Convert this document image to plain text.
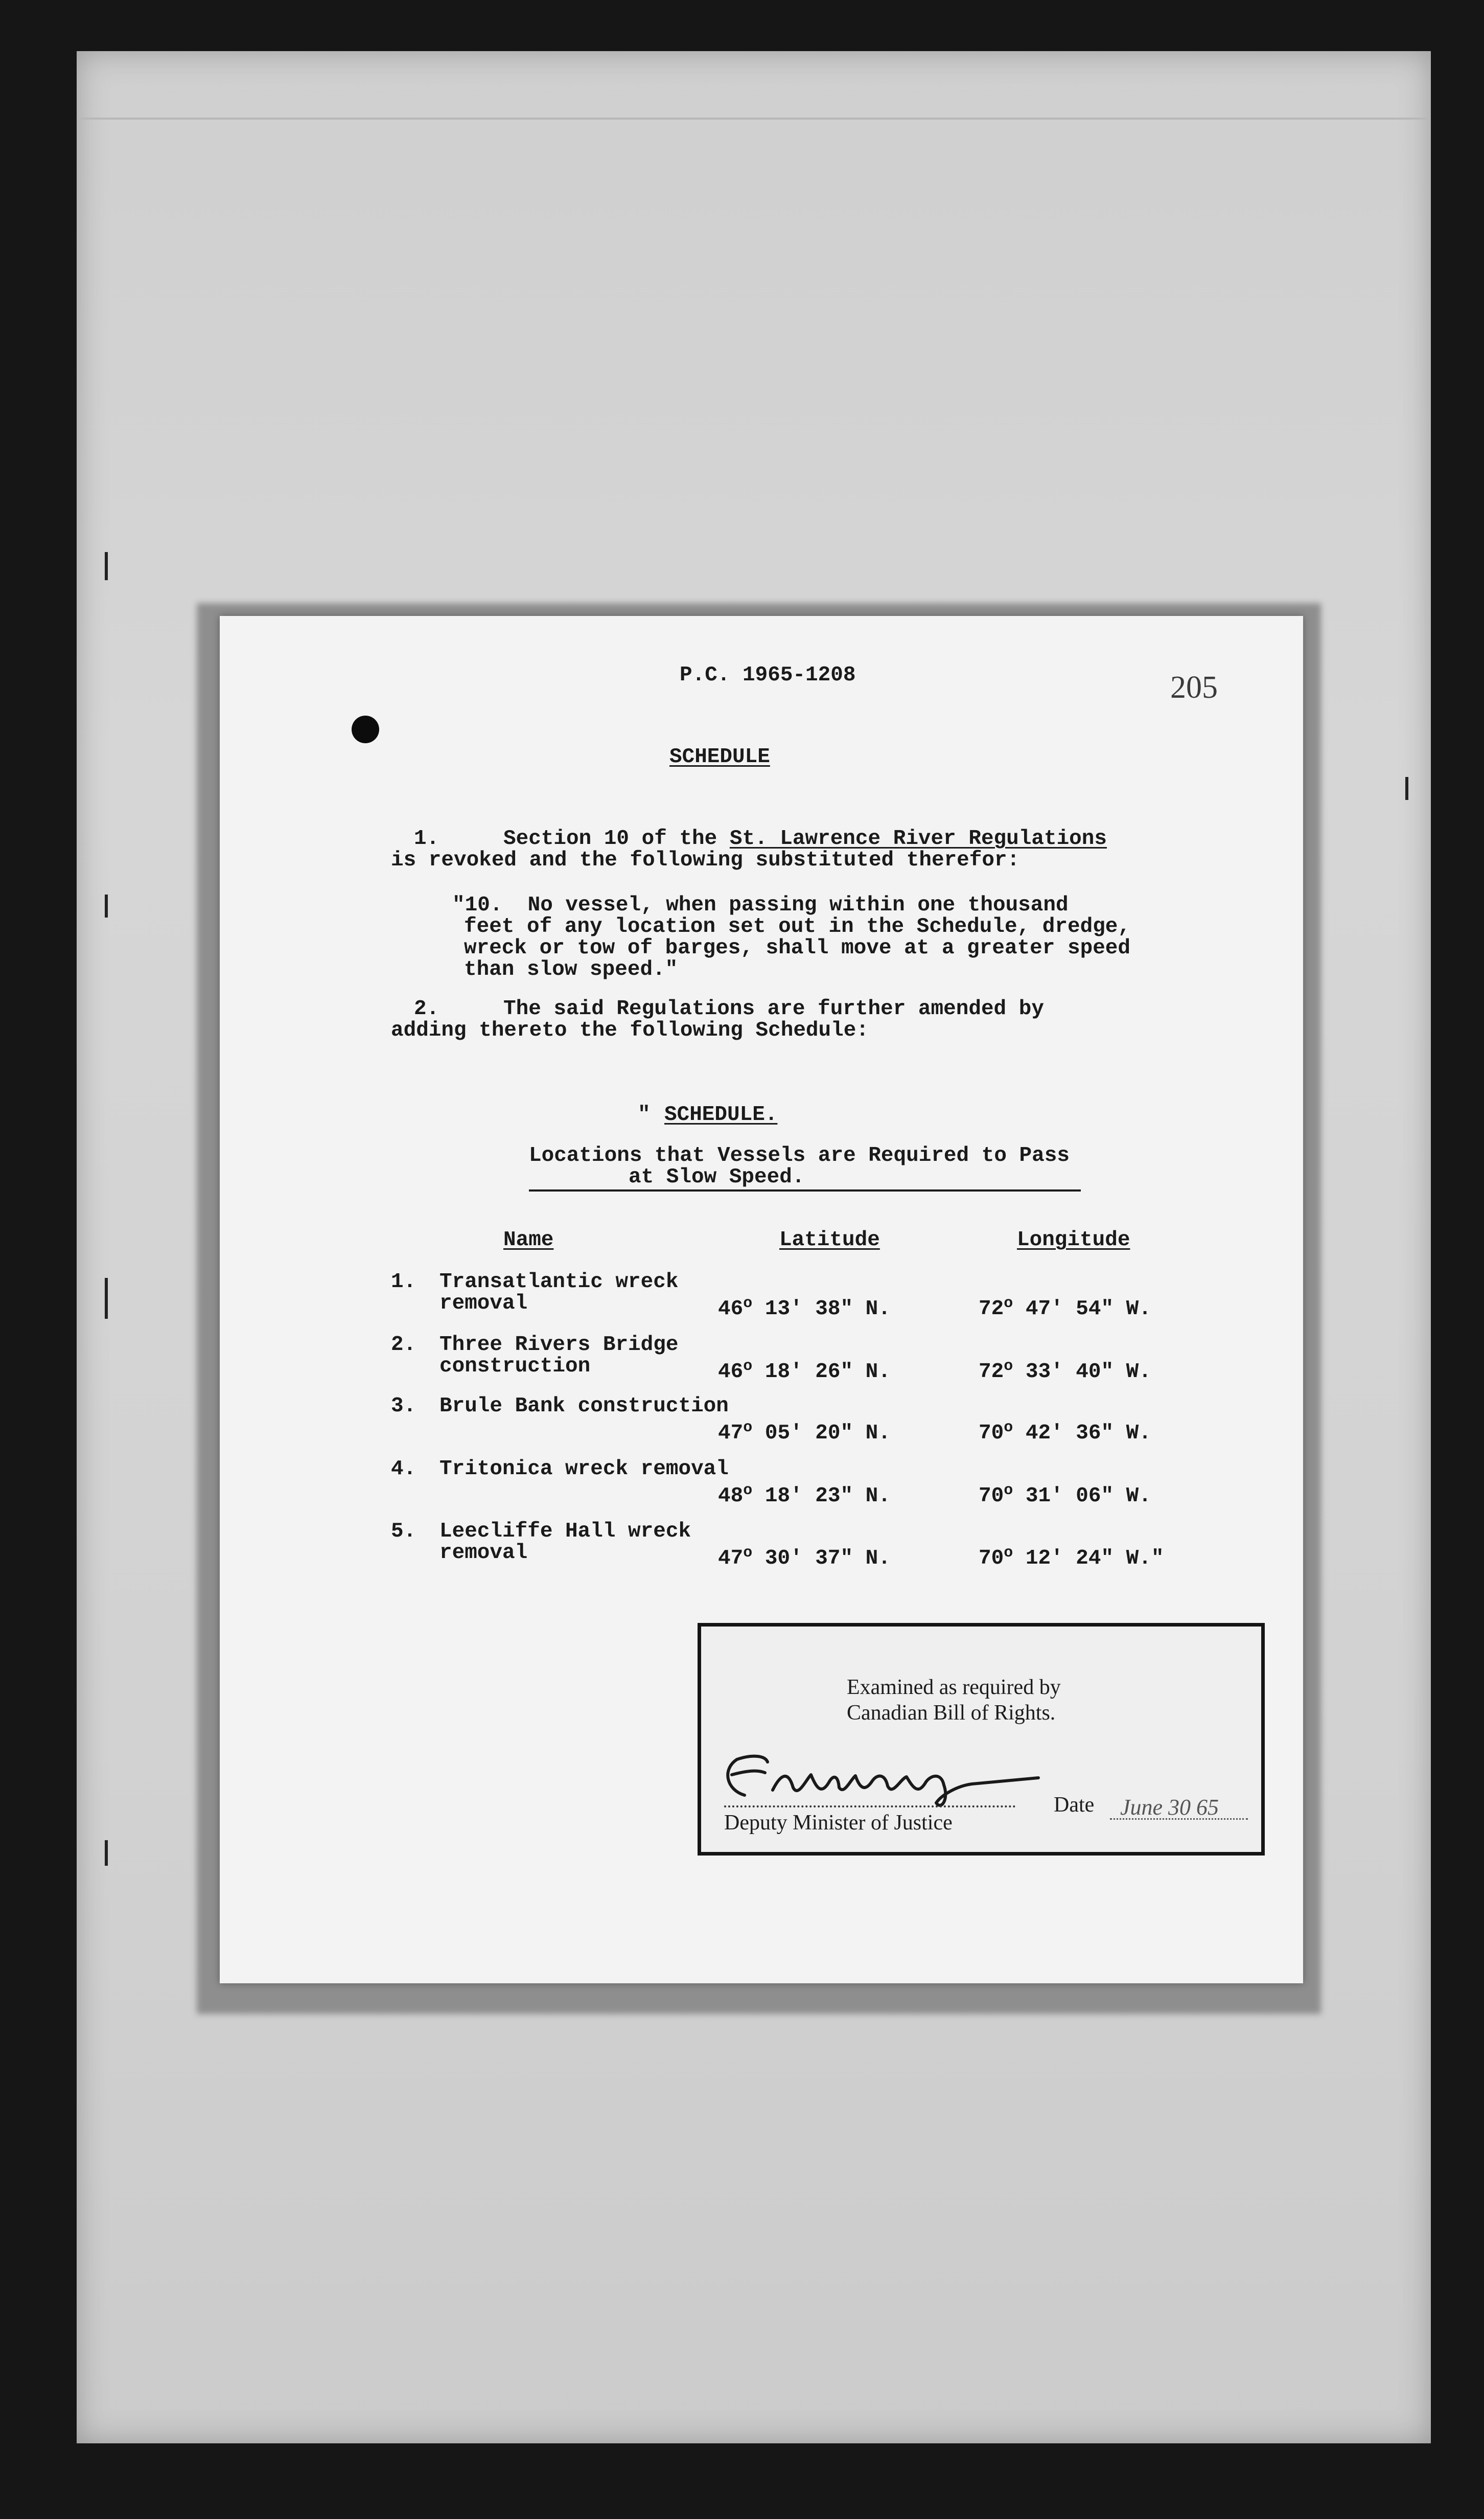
P.C. 1965-1208	205
SCHEDULE
1.	Section 10 of the St. Lawrence River Regulations
is revoked and the following substituted therefor:
"10.  No vessel, when passing within one thousand
feet of any location set out in the Schedule, dredge,
wreck or tow of barges, shall move at a greater speed
than slow speed."
2.	The said Regulations are further amended by
adding thereto the following Schedule:
" SCHEDULE.
Locations that Vessels are Required to Pass
at Slow Speed.
Name	Latitude	Longitude
1. Transatlantic wreck
removal	46$^o$ 13' 38" N.	72$^o$ 47' 54" W.
2. Three Rivers Bridge
construction	46$^o$ 18' 26" N.	72$^o$ 33' 40" W.
3. Brule Bank construction
47$^o$ 05' 20" N.	70$^o$ 42' 36" W.
4. Tritonica wreck removal
48$^o$ 18' 23" N.	70$^o$ 31' 06" W.
5. Leecliffe Hall wreck
removal	47$^o$ 30' 37" N.	70$^o$ 12' 24" W."
Examined as required by
Canadian Bill of Rights.
Deputy Minister of Justice
Date June 30 65
